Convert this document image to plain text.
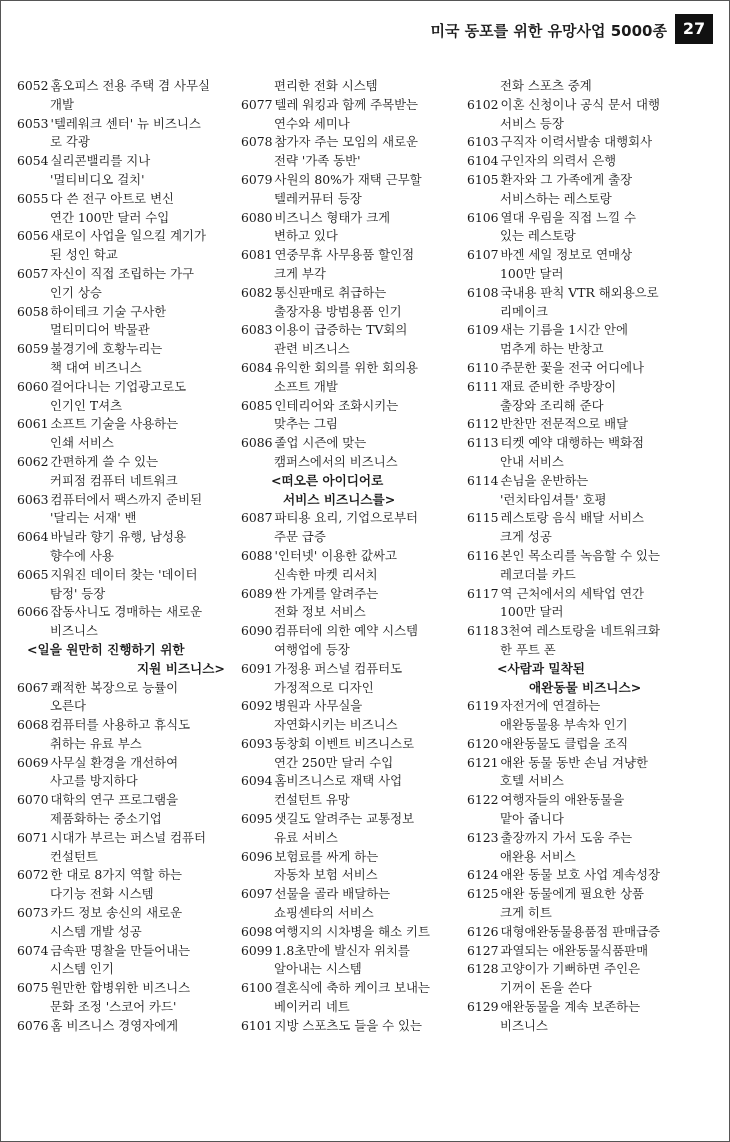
미국 동포를 위한 유망사업 5000종 27
6052 홈오피스 전용 주택 겸 사무실
개발
6053 '텔레워크 센터' 뉴 비즈니스
로 각광
6054 실리콘밸리를 지나
'멀티비디오 걸치'
6055 다 쓴 전구 아트로 변신
연간 100만 달러 수입
6056 새로이 사업을 일으킬 계기가
된 성인 학교
6057 자신이 직접 조립하는 가구
인기 상승
6058 하이테크 기술 구사한
멀티미디어 박물관
6059 불경기에 호황누리는
책 대여 비즈니스
6060 걸어다니는 기업광고로도
인기인 T셔츠
6061 소프트 기술을 사용하는
인쇄 서비스
6062 간편하게 쓸 수 있는
커피점 컴퓨터 네트워크
6063 컴퓨터에서 팩스까지 준비된
'달리는 서재' 밴
6064 바닐라 향기 유행, 남성용
향수에 사용
6065 지워진 데이터 찾는 '데이터
탐정' 등장
6066 잡동사니도 경매하는 새로운
비즈니스
<일을 원만히 진행하기 위한
지원 비즈니스>
6067 쾌적한 복장으로 능률이
오른다
6068 컴퓨터를 사용하고 휴식도
취하는 유료 부스
6069 사무실 환경을 개선하여
사고를 방지하다
6070 대학의 연구 프로그램을
제품화하는 중소기업
6071 시대가 부르는 퍼스널 컴퓨터
컨설턴트
6072 한 대로 8가지 역할 하는
다기능 전화 시스템
6073 카드 정보 송신의 새로운
시스템 개발 성공
6074 금속판 명찰을 만들어내는
시스템 인기
6075 원만한 합병위한 비즈니스
문화 조정 '스코어 카드'
6076 홈 비즈니스 경영자에게
편리한 전화 시스템
6077 텔레 워킹과 함께 주목받는
연수와 세미나
6078 참가자 주는 모임의 새로운
전략 '가족 동반'
6079 사원의 80%가 재택 근무할
텔레커뮤터 등장
6080 비즈니스 형태가 크게
변하고 있다
6081 연중무휴 사무용품 할인점
크게 부각
6082 통신판매로 취급하는
출장자용 방범용품 인기
6083 이용이 급증하는 TV회의
관련 비즈니스
6084 유익한 회의를 위한 회의용
소프트 개발
6085 인테리어와 조화시키는
맞추는 그림
6086 졸업 시즌에 맞는
캠퍼스에서의 비즈니스
<떠오른 아이디어로
서비스 비즈니스를>
6087 파티용 요리, 기업으로부터
주문 급증
6088 '인터넷' 이용한 값싸고
신속한 마켓 리서치
6089 싼 가게를 알려주는
전화 정보 서비스
6090 컴퓨터에 의한 예약 시스템
여행업에 등장
6091 가정용 퍼스널 컴퓨터도
가정적으로 디자인
6092 병원과 사무실을
자연화시키는 비즈니스
6093 동창회 이벤트 비즈니스로
연간 250만 달러 수입
6094 홈비즈니스로 재택 사업
컨설턴트 유망
6095 샛길도 알려주는 교통정보
유료 서비스
6096 보험료를 싸게 하는
자동차 보험 서비스
6097 선물을 골라 배달하는
쇼핑센타의 서비스
6098 여행지의 시차병을 해소 키트
6099 1.8초만에 발신자 위치를
알아내는 시스템
6100 결혼식에 축하 케이크 보내는
베이커리 네트
6101 지방 스포츠도 들을 수 있는
전화 스포츠 중계
6102 이혼 신청이나 공식 문서 대행
서비스 등장
6103 구직자 이력서발송 대행회사
6104 구인자의 의력서 은행
6105 환자와 그 가족에게 출장
서비스하는 레스토랑
6106 열대 우림을 직접 느낄 수
있는 레스토랑
6107 바겐 세일 정보로 연매상
100만 달러
6108 국내용 판칙 VTR 해외용으로
리메이크
6109 새는 기름을 1시간 안에
멈추게 하는 반창고
6110 주문한 꽃을 전국 어디에나
6111 재료 준비한 주방장이
출장와 조리해 준다
6112 반찬만 전문적으로 배달
6113 티켓 예약 대행하는 백화점
안내 서비스
6114 손님을 운반하는
'런치타임셔틀' 호평
6115 레스토랑 음식 배달 서비스
크게 성공
6116 본인 목소리를 녹음할 수 있는
레코더블 카드
6117 역 근처에서의 세탁업 연간
100만 달러
6118 3천여 레스토랑을 네트워크화
한 푸트 폰
<사람과 밀착된
애완동물 비즈니스>
6119 자전거에 연결하는
애완동물용 부속차 인기
6120 애완동물도 클럽을 조직
6121 애완 동물 동반 손님 겨냥한
호텔 서비스
6122 여행자들의 애완동물을
맡아 줍니다
6123 출장까지 가서 도움 주는
애완용 서비스
6124 애완 동물 보호 사업 계속성장
6125 애완 동물에게 필요한 상품
크게 히트
6126 대형애완동물용품점 판매급증
6127 과열되는 애완동물식품판매
6128 고양이가 기뻐하면 주인은
기꺼이 돈을 쓴다
6129 애완동물을 계속 보존하는
비즈니스
